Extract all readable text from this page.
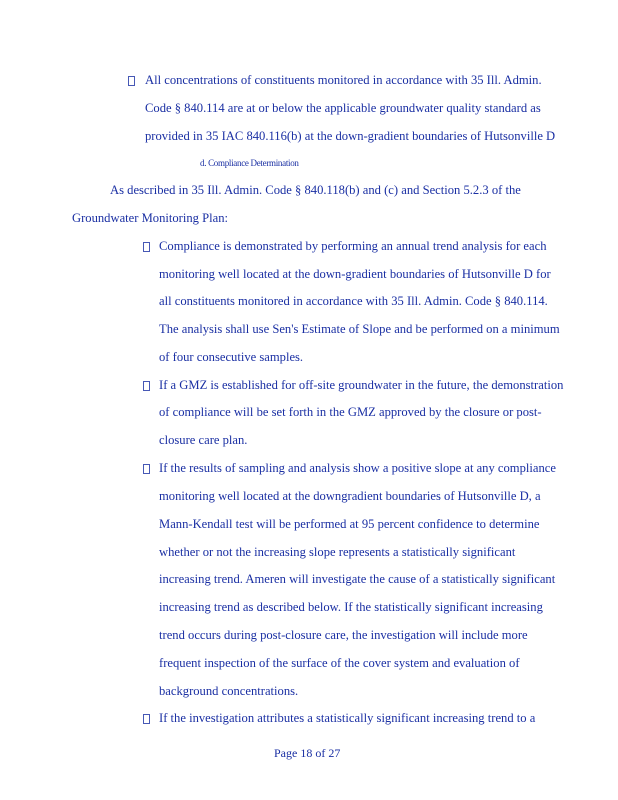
All concentrations of constituents monitored in accordance with 35 Ill. Admin.
Code § 840.114 are at or below the applicable groundwater quality standard as
provided in 35 IAC 840.116(b) at the down-gradient boundaries of Hutsonville D
d. Compliance Determination
As described in 35 Ill. Admin. Code § 840.118(b) and (c) and Section 5.2.3 of the
Groundwater Monitoring Plan:
Compliance is demonstrated by performing an annual trend analysis for each
monitoring well located at the down-gradient boundaries of Hutsonville D for
all constituents monitored in accordance with 35 Ill. Admin. Code § 840.114.
The analysis shall use Sen's Estimate of Slope and be performed on a minimum
of four consecutive samples.
If a GMZ is established for off-site groundwater in the future, the demonstration
of compliance will be set forth in the GMZ approved by the closure or post-
closure care plan.
If the results of sampling and analysis show a positive slope at any compliance
monitoring well located at the downgradient boundaries of Hutsonville D, a
Mann-Kendall test will be performed at 95 percent confidence to determine
whether or not the increasing slope represents a statistically significant
increasing trend. Ameren will investigate the cause of a statistically significant
increasing trend as described below. If the statistically significant increasing
trend occurs during post-closure care, the investigation will include more
frequent inspection of the surface of the cover system and evaluation of
background concentrations.
If the investigation attributes a statistically significant increasing trend to a
Page 18 of 27
